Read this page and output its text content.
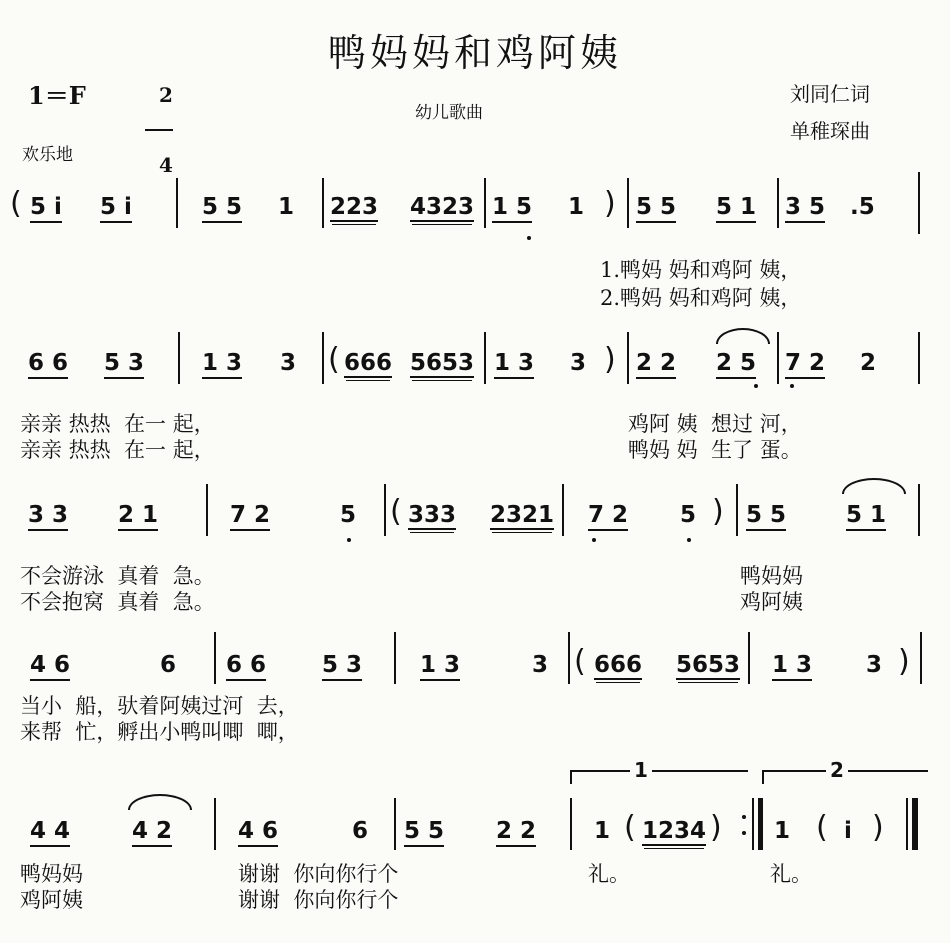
鸭妈妈和鸡阿姨
1＝F	2

4

幼儿歌曲
刘同仁词
单稚琛曲
欢乐地
( 5 i 5 i	5 5 1 223 4323 1 5 1 ) 5 5 5 1 3 5 .5
1.鸭妈 妈和鸡阿 姨，
2.鸭妈 妈和鸡阿 姨，
6 6 5 3	1 3 3 ( 666 5653 1 3 3 ) 2 2 2 5 7 2 2
亲亲 热热  在一 起，	鸡阿 姨  想过 河，
亲亲 热热  在一 起，	鸭妈 妈  生了 蛋。
3 3 2 1	7 2	5 ( 333 2321 7 2 5 ) 5 5	5 1
不会游泳  真着  急。	鸭妈妈
不会抱窝  真着  急。	鸡阿姨
4 6	6 6 6 5 3	1 3	3 ( 666 5653 1 3 3 )
当小  船，驮着阿姨过河  去，
来帮  忙，孵出小鸭叫唧  唧，
1	2
4 4	4 2	4 6	6 5 5 2 2	1 ( 1234 ) 1 ( i )
鸭妈妈	谢谢  你向你行个	礼。	礼。
鸡阿姨	谢谢  你向你行个
